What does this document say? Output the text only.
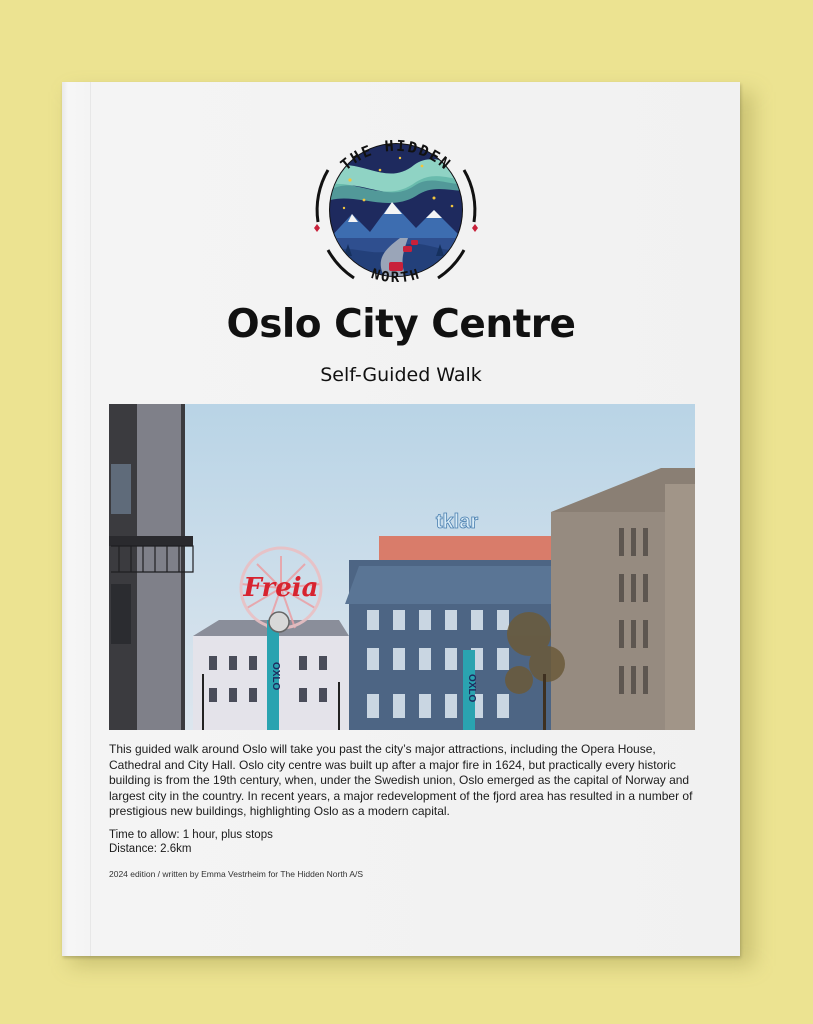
THE HIDDEN
NORTH
Oslo City Centre
Self-Guided Walk
tklar
Freia
OXLO	OXLO

This guided walk around Oslo will take you past the city’s major attractions, including the Opera House, Cathedral and City Hall. Oslo city centre was built up after a major fire in 1624, but practically every historic building is from the 19th century, when, under the Swedish union, Oslo emerged as the capital of Norway and largest city in the country. In recent years, a major redevelopment of the fjord area has resulted in a number of prestigious new buildings, highlighting Oslo as a modern capital.

Time to allow: 1 hour, plus stops
Distance: 2.6km
2024 edition / written by Emma Vestrheim for The Hidden North A/S
